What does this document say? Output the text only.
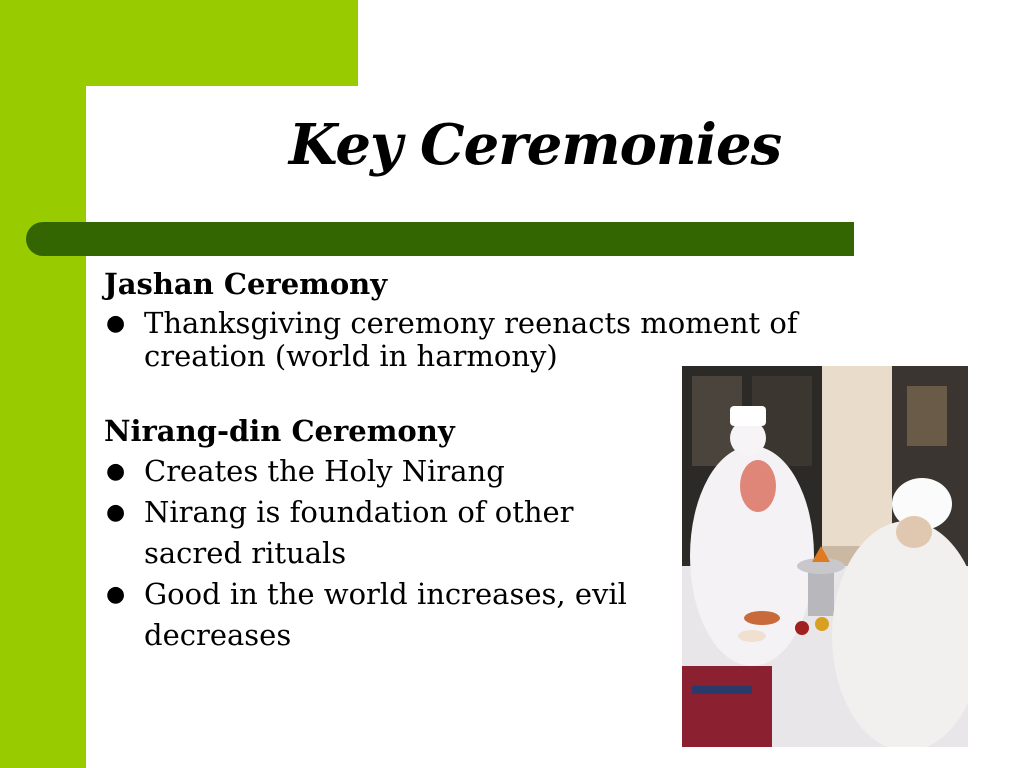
Key Ceremonies
Jashan Ceremony
● Thanksgiving ceremony reenacts moment of creation (world in harmony)
Nirang-din Ceremony
● Creates the Holy Nirang
● Nirang is foundation of other sacred rituals
● Good in the world increases, evil decreases
